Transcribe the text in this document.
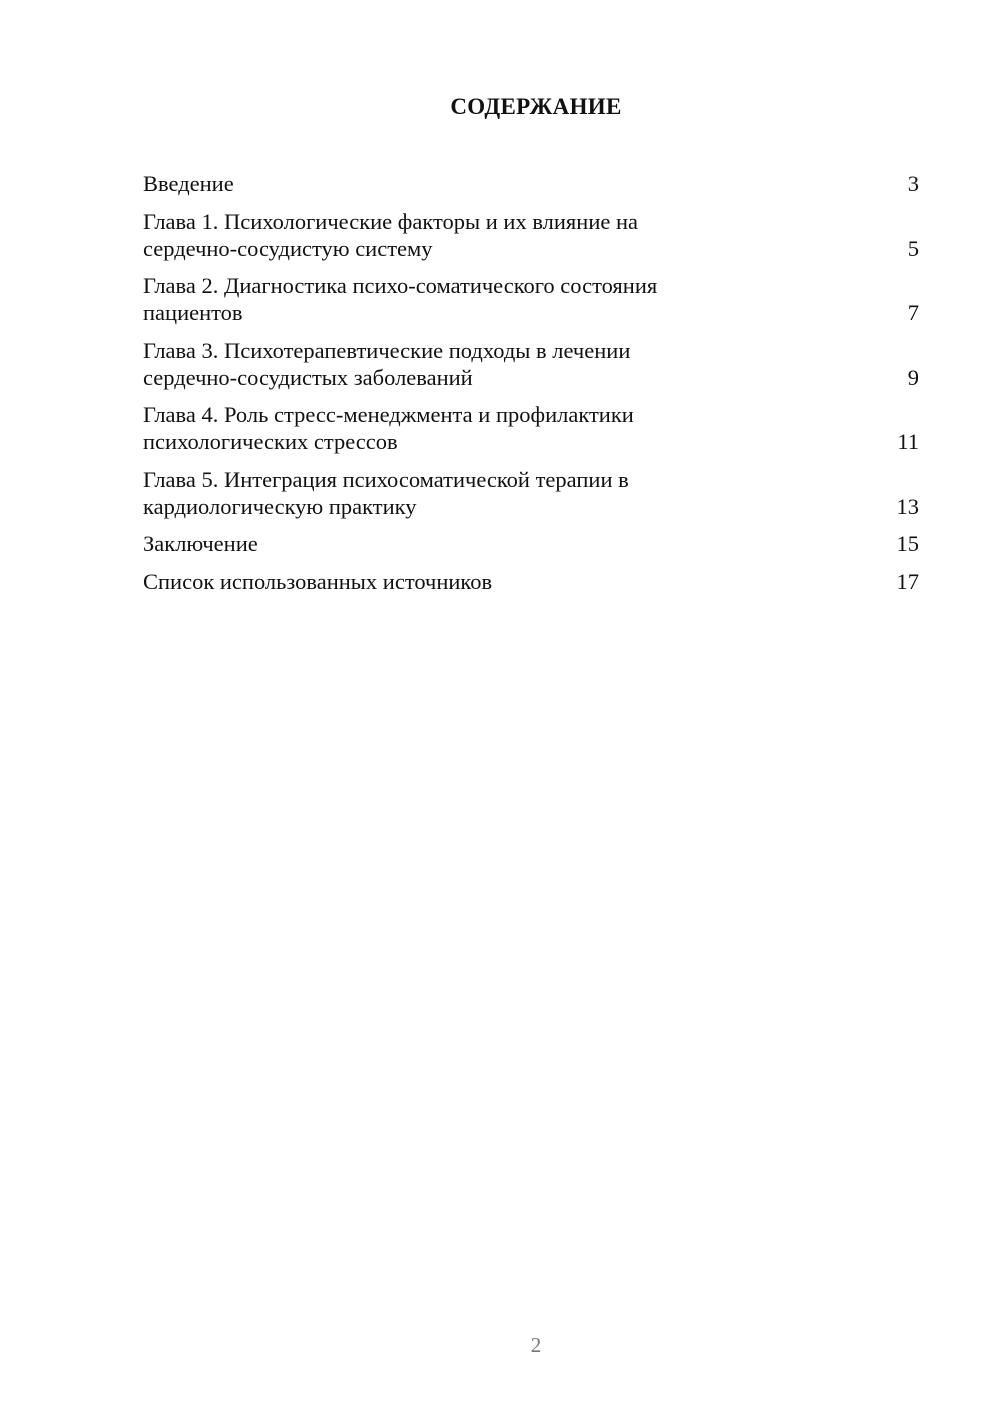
СОДЕРЖАНИЕ
Введение	3
Глава 1. Психологические факторы и их влияние на
сердечно-сосудистую систему	5
Глава 2. Диагностика психо-соматического состояния
пациентов	7
Глава 3. Психотерапевтические подходы в лечении
сердечно-сосудистых заболеваний	9
Глава 4. Роль стресс-менеджмента и профилактики
психологических стрессов	11
Глава 5. Интеграция психосоматической терапии в
кардиологическую практику	13
Заключение	15
Список использованных источников	17
2
